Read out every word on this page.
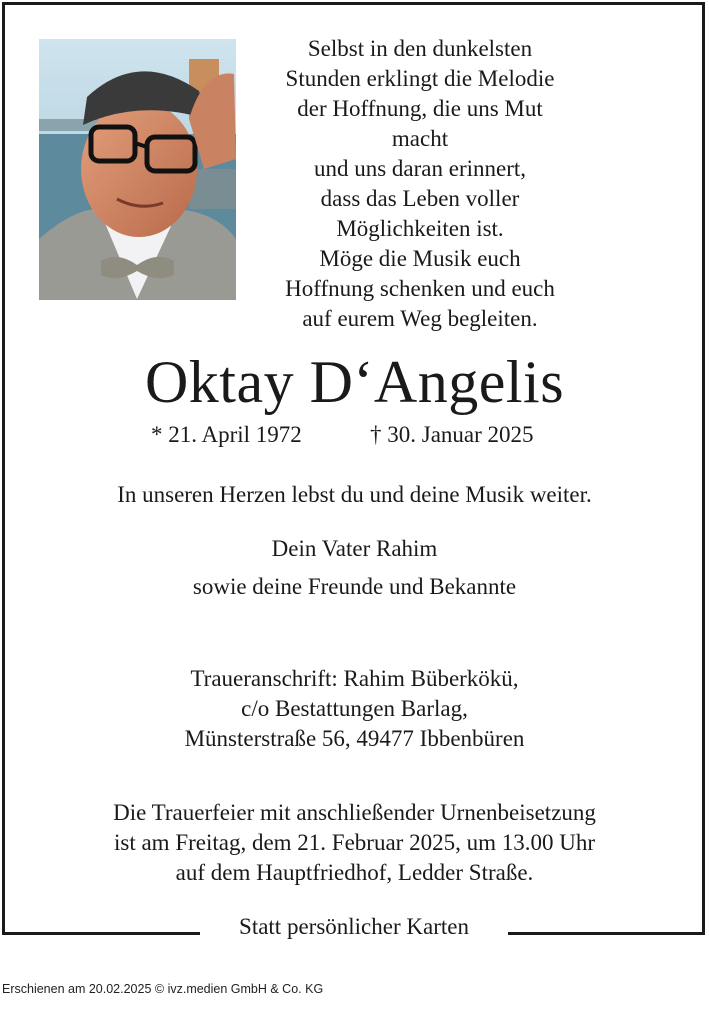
Selbst in den dunkelsten
Stunden erklingt die Melodie
der Hoffnung, die uns Mut macht
und uns daran erinnert,
dass das Leben voller
Möglichkeiten ist.
Möge die Musik euch
Hoffnung schenken und euch
auf eurem Weg begleiten.
Oktay D‘Angelis
* 21. April 1972	† 30. Januar 2025
In unseren Herzen lebst du und deine Musik weiter.
Dein Vater Rahim
sowie deine Freunde und Bekannte
Traueranschrift: Rahim Büberkökü,
c/o Bestattungen Barlag,
Münsterstraße 56, 49477 Ibbenbüren
Die Trauerfeier mit anschließender Urnenbeisetzung
ist am Freitag, dem 21. Februar 2025, um 13.00 Uhr
auf dem Hauptfriedhof, Ledder Straße.
Statt persönlicher Karten
Erschienen am 20.02.2025 © ivz.medien GmbH & Co. KG
